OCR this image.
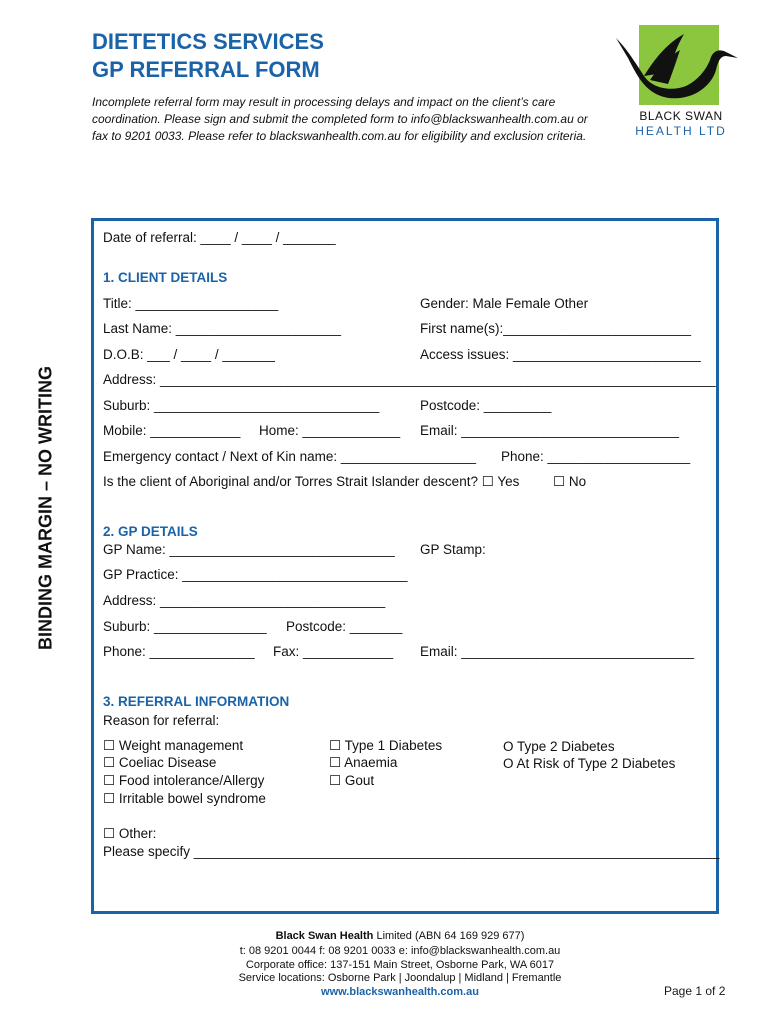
DIETETICS SERVICES
GP REFERRAL FORM
Incomplete referral form may result in processing delays and impact on the client’s care
coordination. Please sign and submit the completed form to info@blackswanhealth.com.au or
fax to 9201 0033. Please refer to blackswanhealth.com.au for eligibility and exclusion criteria.
BLACK SWAN
HEALTH LTD
BINDING MARGIN – NO WRITING
Date of referral: ____ / ____ / _______
1. CLIENT DETAILS
Title: ___________________	Gender: Male Female Other
Last Name: ______________________	First name(s):_________________________
D.O.B: ___ / ____ / _______	Access issues: _________________________
Address: __________________________________________________________________________
Suburb: ______________________________	Postcode: _________
Mobile: ____________ Home: _____________ Email: _____________________________
Emergency contact / Next of Kin name: __________________ Phone: ___________________
Is the client of Aboriginal and/or Torres Strait Islander descent? ☐ Yes ☐ No
2. GP DETAILS
GP Name: ______________________________ GP Stamp:
GP Practice: ______________________________
Address: ______________________________
Suburb: _______________ Postcode: _______
Phone: ______________ Fax: ____________ Email: _______________________________
3. REFERRAL INFORMATION
Reason for referral:
☐ Weight management
☐ Coeliac Disease
☐ Food intolerance/Allergy
☐ Irritable bowel syndrome
☐ Type 1 Diabetes
☐ Anaemia
☐ Gout
O Type 2 Diabetes
O At Risk of Type 2 Diabetes
☐ Other:
Please specify ______________________________________________________________________
Black Swan Health Limited (ABN 64 169 929 677)
t: 08 9201 0044 f: 08 9201 0033 e: info@blackswanhealth.com.au
Corporate office: 137-151 Main Street, Osborne Park, WA 6017
Service locations: Osborne Park | Joondalup | Midland | Fremantle
www.blackswanhealth.com.au	Page 1 of 2
